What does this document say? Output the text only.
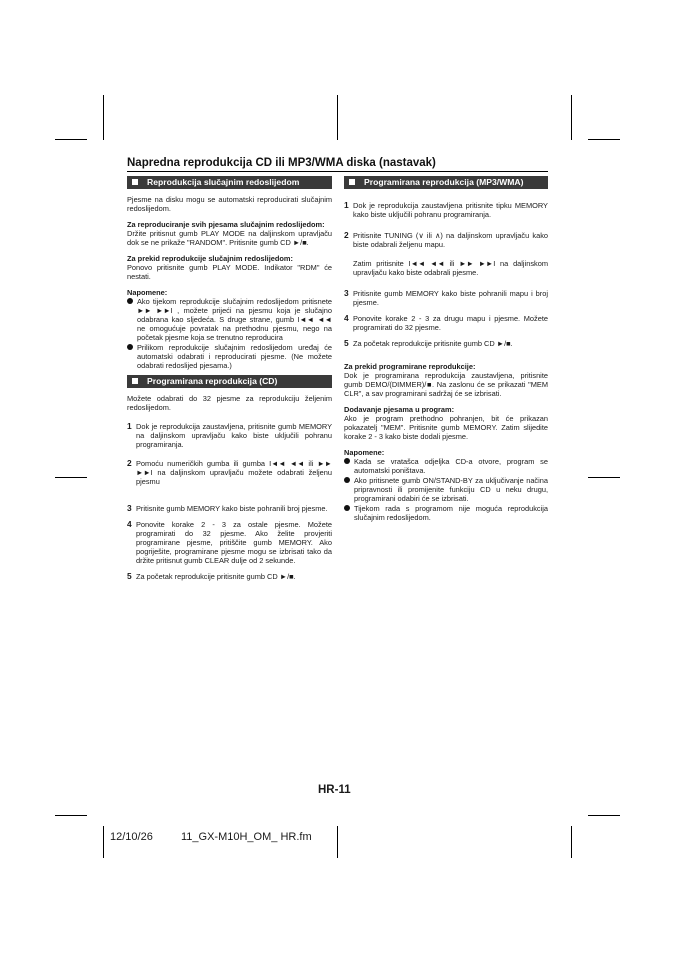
Napredna reprodukcija CD ili MP3/WMA diska (nastavak)
Reprodukcija slučajnim redoslijedom
Pjesme na disku mogu se automatski reproducirati slučajnim redoslijedom.
Za reproduciranje svih pjesama slučajnim redoslijedom:
Držite pritisnut gumb PLAY MODE na daljinskom upravljaču dok se ne prikaže "RANDOM". Pritisnite gumb CD ►/■.
Za prekid reprodukcije slučajnim redoslijedom:
Ponovo pritisnite gumb PLAY MODE. Indikator "RDM" će nestati.
Napomene:
Ako tijekom reprodukcije slučajnim redoslijedom pritisnete ►► ►►I , možete prijeći na pjesmu koja je slučajno odabrana kao sljedeća. S druge strane, gumb I◄◄ ◄◄ ne omogućuje povratak na prethodnu pjesmu, nego na početak pjesme koja se trenutno reproducira
Prilikom reprodukcije slučajnim redoslijedom uređaj će automatski odabrati i reproducirati pjesme. (Ne možete odabrati redoslijed pjesama.)
Programirana reprodukcija (CD)
Možete odabrati do 32 pjesme za reprodukciju željenim redoslijedom.
1 Dok je reprodukcija zaustavljena, pritisnite gumb MEMORY na daljinskom upravljaču kako biste uključili pohranu programiranja.
2 Pomoću numeričkih gumba ili gumba I◄◄ ◄◄ ili ►► ►►I na daljinskom upravljaču možete odabrati željenu pjesmu
3 Pritisnite gumb MEMORY kako biste pohranili broj pjesme.
4 Ponovite korake 2 - 3 za ostale pjesme. Možete programirati do 32 pjesme. Ako želite provjeriti programirane pjesme, pritiščite gumb MEMORY. Ako pogriješite, programirane pjesme mogu se izbrisati tako da držite pritisnut gumb CLEAR dulje od 2 sekunde.
5 Za početak reprodukcije pritisnite gumb CD ►/■.
Programirana reprodukcija (MP3/WMA)
1 Dok je reprodukcija zaustavljena pritisnite tipku MEMORY kako biste uključili pohranu programiranja.
2 Pritisnite TUNING (∨ ili ∧) na daljinskom upravljaču kako biste odabrali željenu mapu.
Zatim pritisnite I◄◄ ◄◄ ili ►► ►►I na daljinskom upravljaču kako biste odabrali pjesme.
3 Pritisnite gumb MEMORY kako biste pohranili mapu i broj pjesme.
4 Ponovite korake 2 - 3 za drugu mapu i pjesme. Možete programirati do 32 pjesme.
5 Za početak reprodukcije pritisnite gumb CD ►/■.
Za prekid programirane reprodukcije:
Dok je programirana reprodukcija zaustavljena, pritisnite gumb DEMO/(DIMMER)/■. Na zaslonu će se prikazati "MEM CLR", a sav programirani sadržaj će se izbrisati.
Dodavanje pjesama u program:
Ako je program prethodno pohranjen, bit će prikazan pokazatelj "MEM". Pritisnite gumb MEMORY. Zatim slijedite korake 2 - 3 kako biste dodali pjesme.
Napomene:
Kada se vratašca odjeljka CD-a otvore, program se automatski poništava.
Ako pritisnete gumb ON/STAND-BY za uključivanje načina pripravnosti ili promijenite funkciju CD u neku drugu, programirani odabiri će se izbrisati.
Tijekom rada s programom nije moguća reprodukcija slučajnim redoslijedom.
HR-11
12/10/26	11_GX-M10H_OM_ HR.fm
